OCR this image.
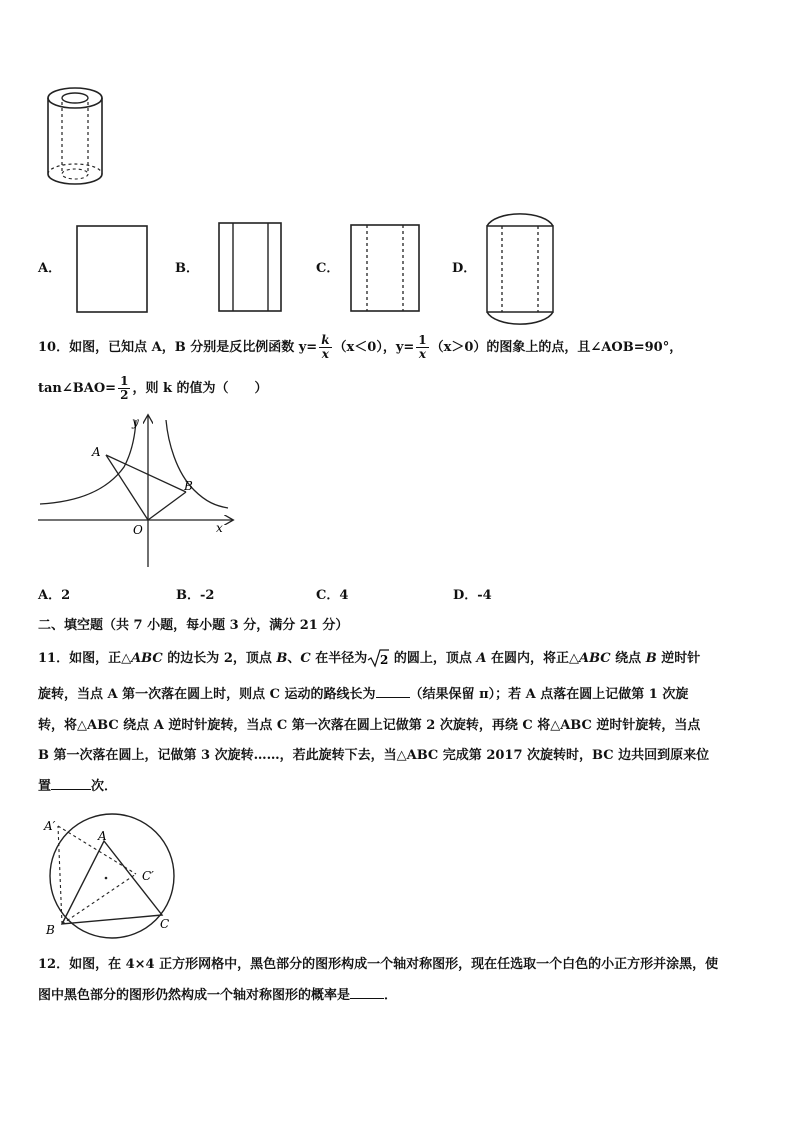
A．	B．	C．	D．
10．如图，已知点 A，B 分别是反比例函数 $y= \frac{k}{x} (x<0)$，$y= \frac{1}{x} (x>0)$的图象上的点，且∠AOB=90°，
tan∠BAO= $\frac{1}{2}$ ，则 k 的值为（　　）
A
B
O	x
y
A．2	B．-2	C．4	D．-4
二、填空题（共 7 小题，每小题 3 分，满分 21 分）
11．如图，正△ABC 的边长为 2，顶点 B、C 在半径为 2 的圆上，顶点 A 在圆内，将正△ABC 绕点 B 逆时针
旋转，当点 A 第一次落在圆上时，则点 C 运动的路线长为	（结果保留 π）；若 A 点落在圆上记做第 1 次旋
转，将△ABC 绕点 A 逆时针旋转，当点 C 第一次落在圆上记做第 2 次旋转，再绕 C 将△ABC 逆时针旋转，当点
B 第一次落在圆上，记做第 3 次旋转……，若此旋转下去，当△ABC 完成第 2017 次旋转时，BC 边共回到原来位
置	次．
A
A′
C′
B	C
12．如图，在 4×4 正方形网格中，黑色部分的图形构成一个轴对称图形，现在任选取一个白色的小正方形并涂黑，使
图中黑色部分的图形仍然构成一个轴对称图形的概率是	．
